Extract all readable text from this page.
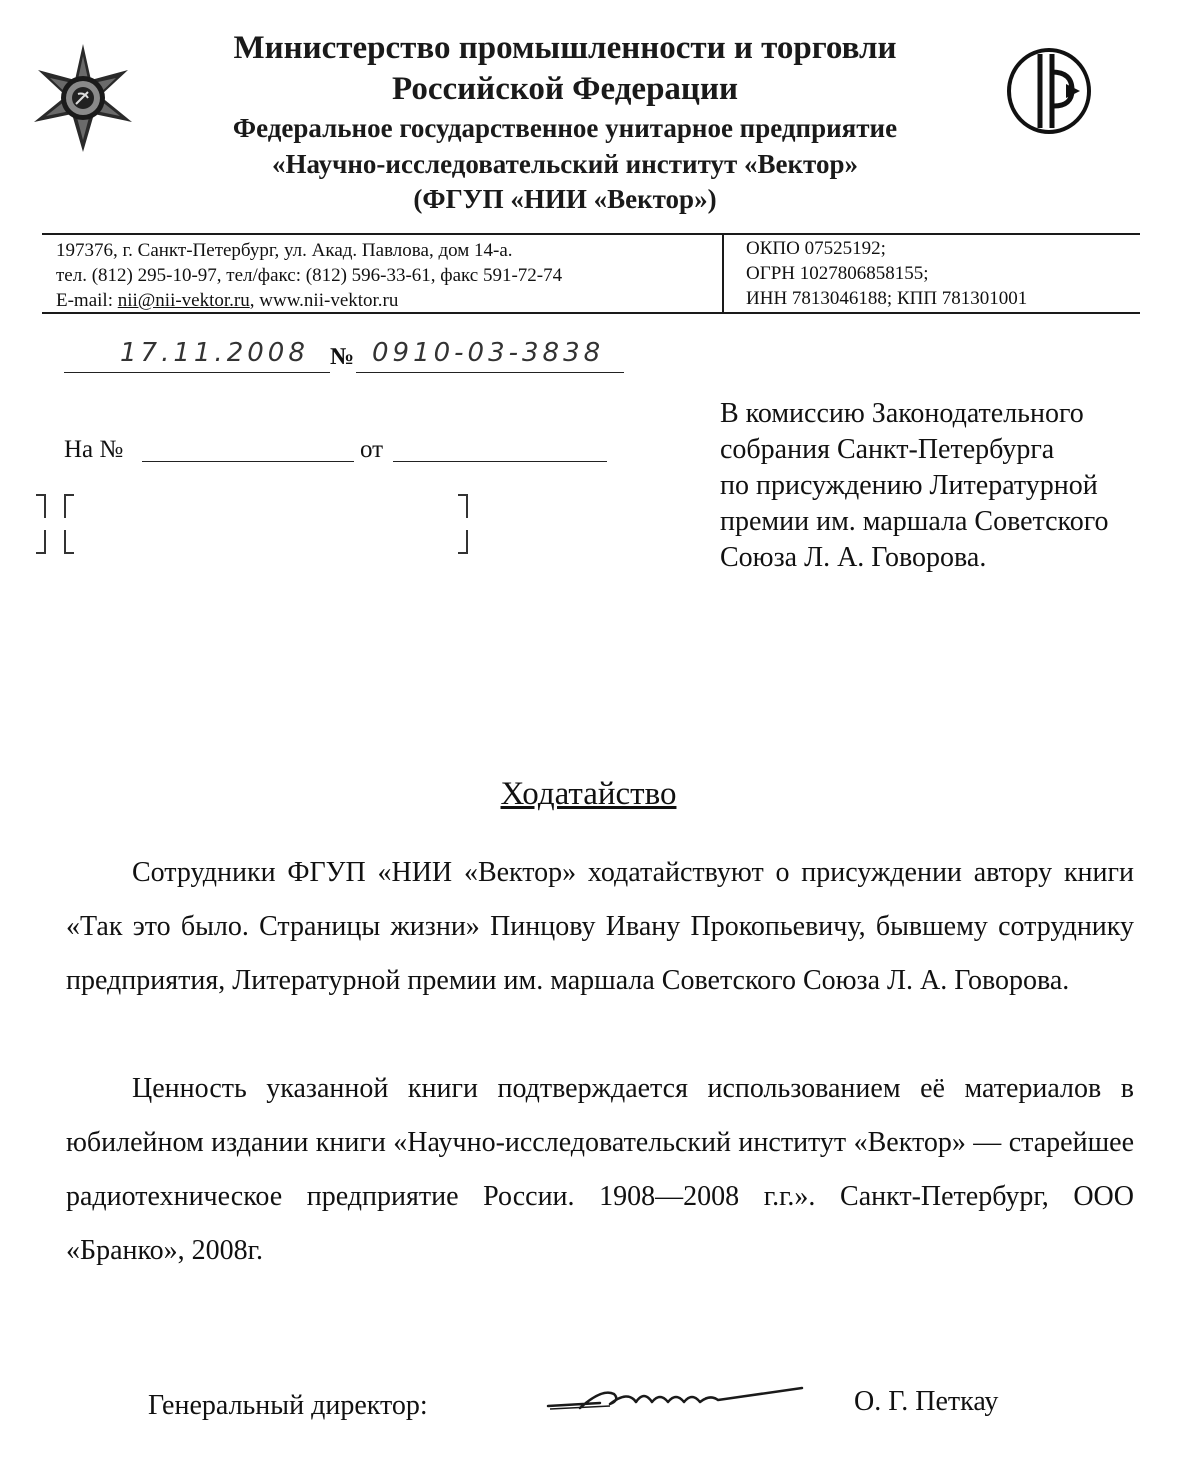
Министерство промышленности и торговли
Российской Федерации
Федеральное государственное унитарное предприятие
«Научно-исследовательский институт «Вектор»
(ФГУП «НИИ «Вектор»)
197376, г. Санкт-Петербург, ул. Акад. Павлова, дом 14-а.
тел. (812) 295-10-97, тел/факс: (812) 596-33-61, факс 591-72-74
E-mail: nii@nii-vektor.ru, www.nii-vektor.ru
ОКПО 07525192;
ОГРН 1027806858155;
ИНН 7813046188; КПП 781301001
17.11.2008 № 0910-03-3838
На №	от
В комиссию Законодательного
собрания Санкт-Петербурга
по присуждению Литературной
премии им. маршала Советского
Союза Л. А. Говорова.
Ходатайство
Сотрудники ФГУП «НИИ «Вектор» ходатайствуют о присуждении автору книги «Так это было. Страницы жизни» Пинцову Ивану Прокопьевичу, бывшему сотруднику предприятия, Литературной премии им. маршала Советского Союза Л. А. Говорова.
Ценность указанной книги подтверждается использованием её материалов в юбилейном издании книги «Научно-исследовательский институт «Вектор» — старейшее радиотехническое предприятие России. 1908—2008 г.г.». Санкт-Петербург, ООО «Бранко», 2008г.
Генеральный директор:	О. Г. Петкау
